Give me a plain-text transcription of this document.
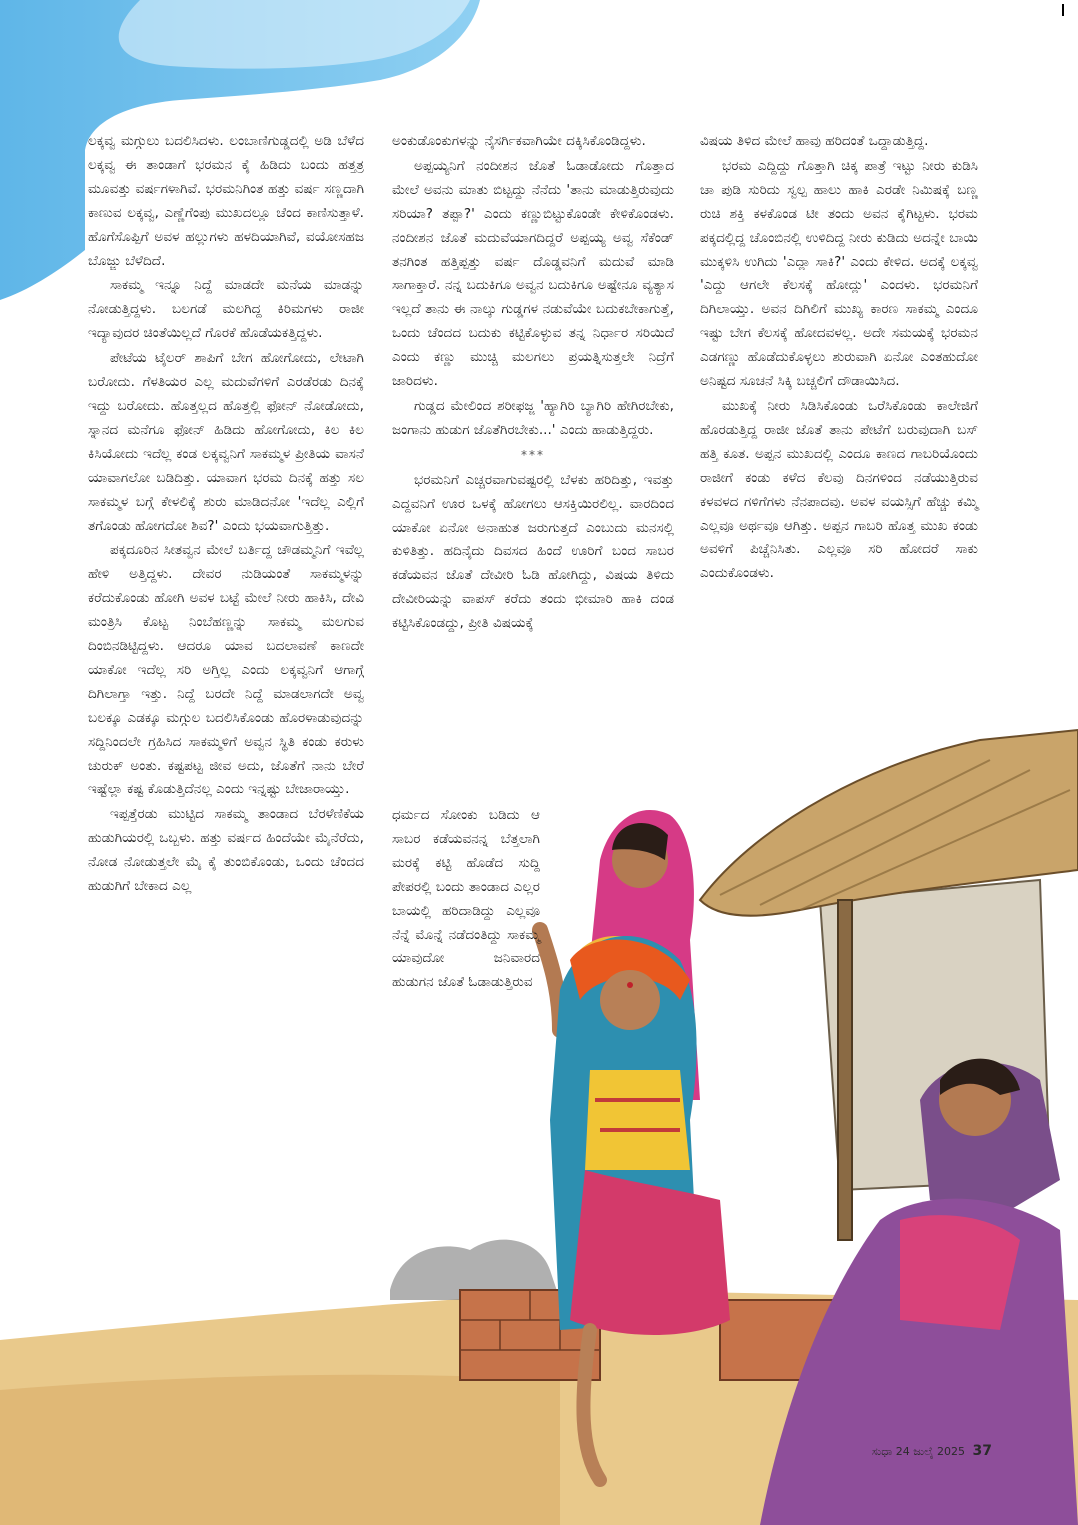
ಲಕ್ಕವ್ವ ಮಗ್ಗುಲು ಬದಲಿಸಿದಳು. ಲಂಬಾಣಿಗುಡ್ಡದಲ್ಲಿ ಅಡಿ ಬೆಳೆದ ಲಕ್ಕವ್ವ ಈ ತಾಂಡಾಗೆ ಭರಮನ ಕೈ ಹಿಡಿದು ಬಂದು ಹತ್ತತ್ರ ಮೂವತ್ತು ವರ್ಷಗಳಾಗಿವೆ. ಭರಮನಿಗಿಂತ ಹತ್ತು ವರ್ಷ ಸಣ್ಣದಾಗಿ ಕಾಣುವ ಲಕ್ಕವ್ವ, ಎಣ್ಣೆಗೆಂಪು ಮುಖದಲ್ಲೂ ಚೆಂದ ಕಾಣಿಸುತ್ತಾಳೆ. ಹೊಗೆಸೊಪ್ಪಿಗೆ ಅವಳ ಹಲ್ಲುಗಳು ಹಳದಿಯಾಗಿವೆ, ವಯೋಸಹಜ ಬೊಜ್ಜು ಬೆಳೆದಿದೆ.

ಸಾಕಮ್ಮ ಇನ್ನೂ ನಿದ್ದೆ ಮಾಡದೇ ಮನೆಯ ಮಾಡನ್ನು ನೋಡುತ್ತಿದ್ದಳು. ಬಲಗಡೆ ಮಲಗಿದ್ದ ಕಿರಿಮಗಳು ರಾಜೀ ಇದ್ಯಾವುದರ ಚಿಂತೆಯಿಲ್ಲದೆ ಗೊರಕೆ ಹೊಡೆಯಕತ್ತಿದ್ದಳು.

ಪೇಟೆಯ ಟೈಲರ್ ಶಾಪಿಗೆ ಬೇಗ ಹೋಗೋದು, ಲೇಟಾಗಿ ಬರೋದು. ಗೆಳತಿಯರ ಎಲ್ಲ ಮದುವೆಗಳಿಗೆ ಎರಡೆರಡು ದಿನಕ್ಕೆ ಇದ್ದು ಬರೋದು. ಹೊತ್ತಲ್ಲದ ಹೊತ್ತಲ್ಲಿ ಫೋನ್ ನೋಡೋದು, ಸ್ನಾನದ ಮನೆಗೂ ಫೋನ್ ಹಿಡಿದು ಹೋಗೋದು, ಕಿಲ ಕಿಲ ಕಿಸಿಯೋದು ಇದೆಲ್ಲ ಕಂಡ ಲಕ್ಕವ್ವನಿಗೆ ಸಾಕಮ್ಮಳ ಪ್ರೀತಿಯ ವಾಸನೆ ಯಾವಾಗಲೋ ಬಡಿದಿತ್ತು. ಯಾವಾಗ ಭರಮ ದಿನಕ್ಕೆ ಹತ್ತು ಸಲ ಸಾಕಮ್ಮಳ ಬಗ್ಗೆ ಕೇಳಲಿಕ್ಕೆ ಶುರು ಮಾಡಿದನೋ 'ಇದೆಲ್ಲ ಎಲ್ಲಿಗೆ ತಗೊಂಡು ಹೋಗದೋ ಶಿವ?' ಎಂದು ಭಯವಾಗುತ್ತಿತ್ತು.

ಪಕ್ಕದೂರಿನ ಸೀತವ್ವನ ಮೇಲೆ ಬರ್ತಿದ್ದ ಚೌಡಮ್ಮನಿಗೆ ಇವೆಲ್ಲ ಹೇಳಿ ಅತ್ತಿದ್ದಳು. ದೇವರ ನುಡಿಯಂತೆ ಸಾಕಮ್ಮಳನ್ನು ಕರೆದುಕೊಂಡು ಹೋಗಿ ಅವಳ ಬಟ್ಟೆ ಮೇಲೆ ನೀರು ಹಾಕಿಸಿ, ದೇವಿ ಮಂತ್ರಿಸಿ ಕೊಟ್ಟ ನಿಂಬೆಹಣ್ಣನ್ನು ಸಾಕಮ್ಮ ಮಲಗುವ ದಿಂಬಿನಡಿಟ್ಟಿದ್ದಳು. ಆದರೂ ಯಾವ ಬದಲಾವಣೆ ಕಾಣದೇ ಯಾಕೋ ಇದೆಲ್ಲ ಸರಿ ಅಗ್ತಿಲ್ಲ ಎಂದು ಲಕ್ಕವ್ವನಿಗೆ ಆಗಾಗ್ಗೆ ದಿಗಿಲಾಗ್ತಾ ಇತ್ತು. ನಿದ್ದೆ ಬರದೇ ನಿದ್ದೆ ಮಾಡಲಾಗದೇ ಅವ್ವ ಬಲಕ್ಕೂ ಎಡಕ್ಕೂ ಮಗ್ಗುಲ ಬದಲಿಸಿಕೊಂಡು ಹೊರಳಾಡುವುದನ್ನು ಸದ್ದಿನಿಂದಲೇ ಗ್ರಹಿಸಿದ ಸಾಕಮ್ಮಳಿಗೆ ಅವ್ವನ ಸ್ಥಿತಿ ಕಂಡು ಕರುಳು ಚುರುಕ್ ಅಂತು. ಕಷ್ಟಪಟ್ಟ ಜೀವ ಅದು, ಜೊತೆಗೆ ನಾನು ಬೇರೆ ಇಷ್ಟೆಲ್ಲಾ ಕಷ್ಟ ಕೊಡುತ್ತಿದೆನಲ್ಲ ಎಂದು ಇನ್ನಷ್ಟು ಬೇಜಾರಾಯ್ತು.

ಇಪ್ಪತ್ತೆರಡು ಮುಟ್ಟಿದ ಸಾಕಮ್ಮ ತಾಂಡಾದ ಬೆರಳೆಣಿಕೆಯ ಹುಡುಗಿಯರಲ್ಲಿ ಒಬ್ಬಳು. ಹತ್ತು ವರ್ಷದ ಹಿಂದೆಯೇ ಮೈನೆರೆದು, ನೋಡ ನೋಡುತ್ತಲೇ ಮೈ ಕೈ ತುಂಬಿಕೊಂಡು, ಒಂದು ಚೆಂದದ ಹುಡುಗಿಗೆ ಬೇಕಾದ ಎಲ್ಲ

ಅಂಕುಡೊಂಕುಗಳನ್ನು ನೈಸರ್ಗಿಕವಾಗಿಯೇ ದಕ್ಕಿಸಿಕೊಂಡಿದ್ದಳು.

ಅಪ್ಪಯ್ಯನಿಗೆ ನಂದೀಶನ ಜೊತೆ ಓಡಾಡೋದು ಗೊತ್ತಾದ ಮೇಲೆ ಅವನು ಮಾತು ಬಿಟ್ಟದ್ದು ನೆನೆದು 'ತಾನು ಮಾಡುತ್ತಿರುವುದು ಸರಿಯಾ? ತಪ್ಪಾ?' ಎಂದು ಕಣ್ಣುಬಿಟ್ಟುಕೊಂಡೇ ಕೇಳಿಕೊಂಡಳು. ನಂದೀಶನ ಜೊತೆ ಮದುವೆಯಾಗದಿದ್ದರೆ ಅಪ್ಪಯ್ಯ ಅವ್ವ ಸೆಕೆಂಡ್ ತನಗಿಂತ ಹತ್ತಿಪ್ಪತ್ತು ವರ್ಷ ದೊಡ್ಡವನಿಗೆ ಮದುವೆ ಮಾಡಿ ಸಾಗಾಕ್ತಾರೆ. ನನ್ನ ಬದುಕಿಗೂ ಅವ್ವನ ಬದುಕಿಗೂ ಅಷ್ಟೇನೂ ವ್ಯತ್ಯಾಸ ಇಲ್ಲದೆ ತಾನು ಈ ನಾಲ್ಕು ಗುಡ್ಡಗಳ ನಡುವೆಯೇ ಬದುಕಬೇಕಾಗುತ್ತೆ, ಒಂದು ಚೆಂದದ ಬದುಕು ಕಟ್ಟಿಕೊಳ್ಳುವ ತನ್ನ ನಿರ್ಧಾರ ಸರಿಯಿದೆ ಎಂದು ಕಣ್ಣು ಮುಚ್ಚಿ ಮಲಗಲು ಪ್ರಯತ್ನಿಸುತ್ತಲೇ ನಿದ್ರೆಗೆ ಜಾರಿದಳು.

ಗುಡ್ಡದ ಮೇಲಿಂದ ಶರೀಫಜ್ಜ 'ಹ್ಯಾಗಿರಿ ಬ್ಯಾಗಿರಿ ಹೇಗಿರಬೇಕು, ಜಂಗಾನು ಹುಡುಗ ಜೊತೆಗಿರಬೇಕು...' ಎಂದು ಹಾಡುತ್ತಿದ್ದರು.

***

ಭರಮನಿಗೆ ಎಚ್ಚರವಾಗುವಷ್ಟರಲ್ಲಿ ಬೆಳಕು ಹರಿದಿತ್ತು, ಇವತ್ತು ಎದ್ದವನಿಗೆ ಊರ ಒಳಕ್ಕೆ ಹೋಗಲು ಆಸಕ್ತಿಯಿರಲಿಲ್ಲ. ವಾರದಿಂದ ಯಾಕೋ ಏನೋ ಅನಾಹುತ ಜರುಗುತ್ತದೆ ಎಂಬುದು ಮನಸಲ್ಲಿ ಕುಳಿತಿತ್ತು. ಹದಿನೈದು ದಿವಸದ ಹಿಂದೆ ಊರಿಗೆ ಬಂದ ಸಾಬರ ಕಡೆಯವನ ಜೊತೆ ದೇವೀರಿ ಓಡಿ ಹೋಗಿದ್ದು, ವಿಷಯ ತಿಳಿದು ದೇವೀರಿಯನ್ನು ವಾಪಸ್ ಕರೆದು ತಂದು ಭೀಮಾರಿ ಹಾಕಿ ದಂಡ ಕಟ್ಟಿಸಿಕೊಂಡದ್ದು, ಪ್ರೀತಿ ವಿಷಯಕ್ಕೆ

ಧರ್ಮದ ಸೋಂಕು ಬಡಿದು ಆ ಸಾಬರ ಕಡೆಯವನನ್ನ ಬೆತ್ತಲಾಗಿ ಮರಕ್ಕೆ ಕಟ್ಟಿ ಹೊಡೆದ ಸುದ್ದಿ ಪೇಪರಲ್ಲಿ ಬಂದು ತಾಂಡಾದ ಎಲ್ಲರ ಬಾಯಲ್ಲಿ ಹರಿದಾಡಿದ್ದು ಎಲ್ಲವೂ ನೆನ್ನೆ ಮೊನ್ನೆ ನಡೆದಂತಿದ್ದು ಸಾಕಮ್ಮ ಯಾವುದೋ ಜನಿವಾರದ ಹುಡುಗನ ಜೊತೆ ಓಡಾಡುತ್ತಿರುವ

ವಿಷಯ ತಿಳಿದ ಮೇಲೆ ಹಾವು ಹರಿದಂತೆ ಒದ್ದಾಡುತ್ತಿದ್ದ.

ಭರಮ ಎದ್ದಿದ್ದು ಗೊತ್ತಾಗಿ ಚಿಕ್ಕ ಪಾತ್ರೆ ಇಟ್ಟು ನೀರು ಕುಡಿಸಿ ಚಾ ಪುಡಿ ಸುರಿದು ಸ್ವಲ್ಪ ಹಾಲು ಹಾಕಿ ಎರಡೇ ನಿಮಿಷಕ್ಕೆ ಬಣ್ಣ ರುಚಿ ಶಕ್ತಿ ಕಳಕೊಂಡ ಟೀ ತಂದು ಅವನ ಕೈಗಿಟ್ಟಳು. ಭರಮ ಪಕ್ಕದಲ್ಲಿದ್ದ ಚೊಂಬಿನಲ್ಲಿ ಉಳಿದಿದ್ದ ನೀರು ಕುಡಿದು ಅದನ್ನೇ ಬಾಯಿ ಮುಕ್ಕಳಿಸಿ ಉಗಿದು 'ಎದ್ಲಾ ಸಾಕಿ?' ಎಂದು ಕೇಳಿದ. ಅದಕ್ಕೆ ಲಕ್ಕವ್ವ 'ಎದ್ದು ಆಗಲೇ ಕೆಲಸಕ್ಕೆ ಹೋದ್ಲು' ಎಂದಳು. ಭರಮನಿಗೆ ದಿಗಿಲಾಯ್ತು. ಅವನ ದಿಗಿಲಿಗೆ ಮುಖ್ಯ ಕಾರಣ ಸಾಕಮ್ಮ ಎಂದೂ ಇಷ್ಟು ಬೇಗ ಕೆಲಸಕ್ಕೆ ಹೋದವಳಲ್ಲ. ಅದೇ ಸಮಯಕ್ಕೆ ಭರಮನ ಎಡಗಣ್ಣು ಹೊಡೆದುಕೊಳ್ಳಲು ಶುರುವಾಗಿ ಏನೋ ಎಂತಹುದೋ ಅನಿಷ್ಟದ ಸೂಚನೆ ಸಿಕ್ಕಿ ಬಚ್ಚಲಿಗೆ ದೌಡಾಯಿಸಿದ.

ಮುಖಕ್ಕೆ ನೀರು ಸಿಡಿಸಿಕೊಂಡು ಒರೆಸಿಕೊಂಡು ಕಾಲೇಜಿಗೆ ಹೊರಡುತ್ತಿದ್ದ ರಾಜೀ ಜೊತೆ ತಾನು ಪೇಟೆಗೆ ಬರುವುದಾಗಿ ಬಸ್ ಹತ್ತಿ ಕೂತ. ಅಪ್ಪನ ಮುಖದಲ್ಲಿ ಎಂದೂ ಕಾಣದ ಗಾಬರಿಯೊಂದು ರಾಜೀಗೆ ಕಂಡು ಕಳೆದ ಕೆಲವು ದಿನಗಳಿಂದ ನಡೆಯುತ್ತಿರುವ ಕಳವಳದ ಗಳಿಗೆಗಳು ನೆನಪಾದವು. ಅವಳ ವಯಸ್ಸಿಗೆ ಹೆಚ್ಚು ಕಮ್ಮಿ ಎಲ್ಲವೂ ಅರ್ಥವೂ ಆಗಿತ್ತು. ಅಪ್ಪನ ಗಾಬರಿ ಹೊತ್ತ ಮುಖ ಕಂಡು ಅವಳಿಗೆ ಪಿಚ್ಚೆನಿಸಿತು. ಎಲ್ಲವೂ ಸರಿ ಹೋದರೆ ಸಾಕು ಎಂದುಕೊಂಡಳು.

ಸುಧಾ 24 ಜುಲೈ 2025 37
